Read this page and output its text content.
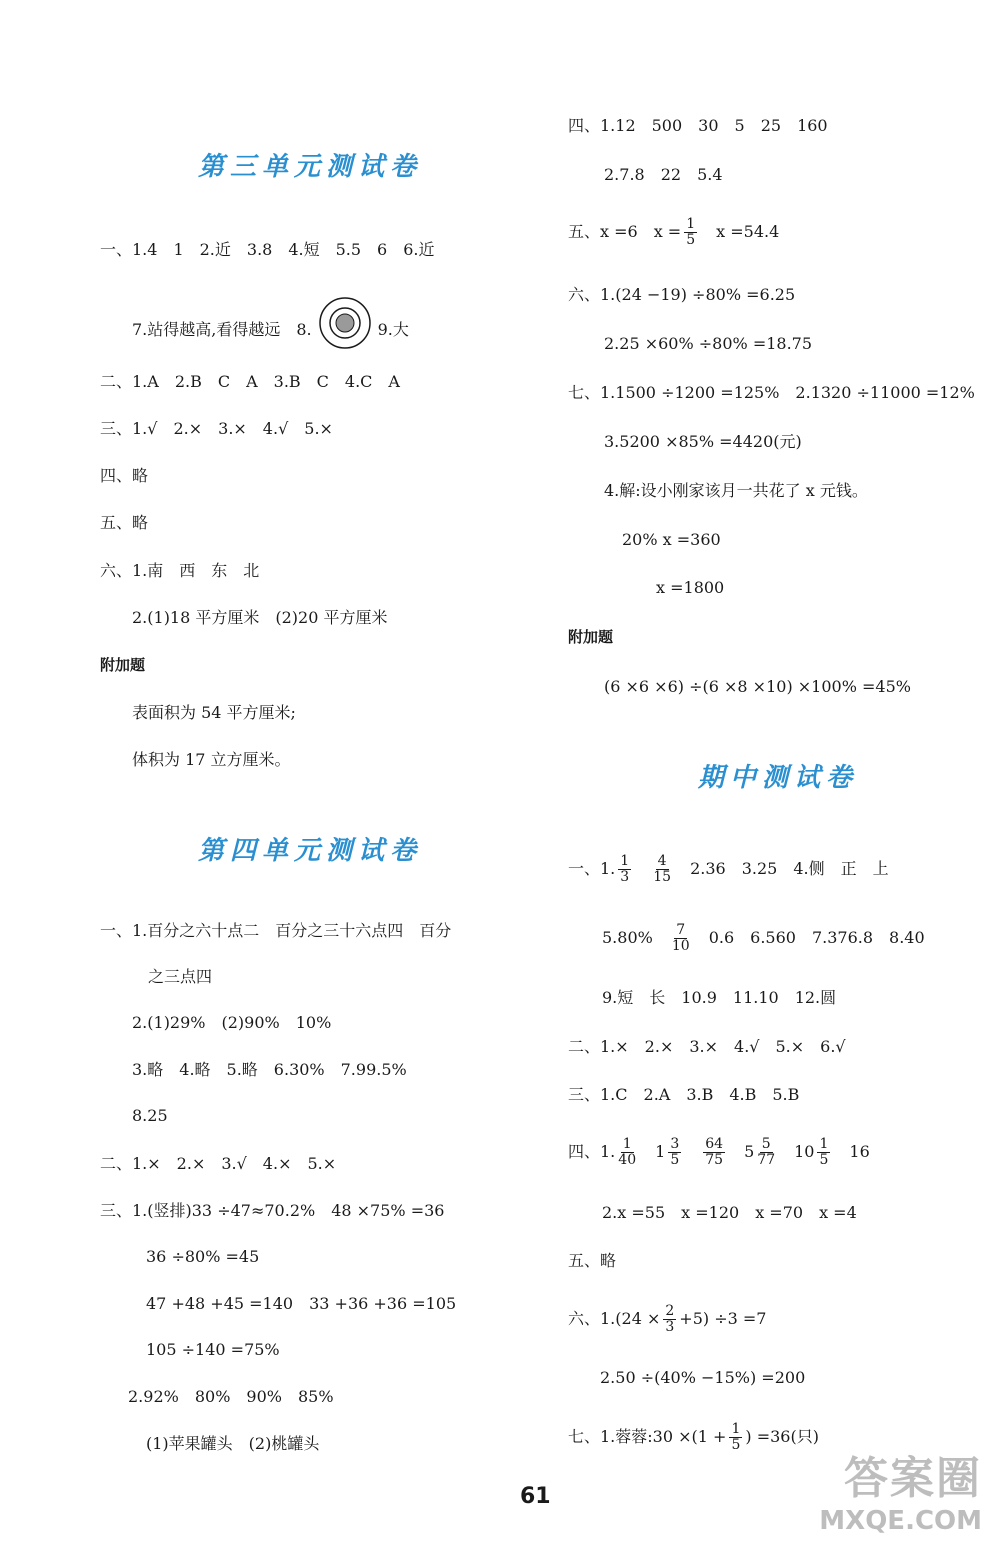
第三单元测试卷
一、1.4　1　2.近　3.8　4.短　5.5　6　6.近
7.站得越高,看得越远　8.	9.大
二、1.A　2.B　C　A　3.B　C　4.C　A
三、1.√　2.×　3.×　4.√　5.×
四、略
五、略
六、1.南　西　东　北
2.(1)18 平方厘米　(2)20 平方厘米
附加题
表面积为 54 平方厘米;
体积为 17 立方厘米。
第四单元测试卷
一、1.百分之六十点二　百分之三十六点四　百分
之三点四
2.(1)29%　(2)90%　10%
3.略　4.略　5.略　6.30%　7.99.5%
8.25
二、1.×　2.×　3.√　4.×　5.×
三、1.(竖排)33 ÷47≈70.2%　48 ×75% =36
36 ÷80% =45
47 +48 +45 =140　33 +36 +36 =105
105 ÷140 =75%
2.92%　80%　90%　85%
(1)苹果罐头　(2)桃罐头
四、1.12　500　30　5　25　160
2.7.8　22　5.4
五、x =6　$x = \frac{1}{5}$
　 x =54.4
六、1.(24 −19) ÷80% =6.25
2.25 ×60% ÷80% =18.75
七、1.1500 ÷1200 =125%　2.1320 ÷11000 =12%
3.5200 ×85% =4420(元)
4.解:设小刚家该月一共花了 x 元钱。
20% x =360
x =1800
附加题
(6 ×6 ×6) ÷(6 ×8 ×10) ×100% =45%
期中测试卷
一、1. $\frac{1}{3}$
　 $\frac{4}{15}$
　 2.36　3.25　4.侧　正　上
5.80%　 $\frac{7}{10}$
　 0.6　6.560　7.376.8　8.40
9.短　长　10.9　11.10　12.圆
二、1.×　2.×　3.×　4.√　5.×　6.√
三、1.C　2.A　3.B　4.B　5.B
四、1. $\frac{1}{40}$
　 $1 \frac{3}{5}$
　 $\frac{64}{75}$
　 $5 \frac{5}{77}$
　 $10 \frac{1}{5}$
　 16
2.x =55　x =120　x =70　x =4
五、略
六、$1.(24 \times \frac{2}{3} +5) \div 3 =7$
2.50 ÷(40% −15%) =200
七、1.蓉蓉:30 $\times(1 + \frac{1}{5}$ ) =36(只)
61	答案圈
MXQE.COM
